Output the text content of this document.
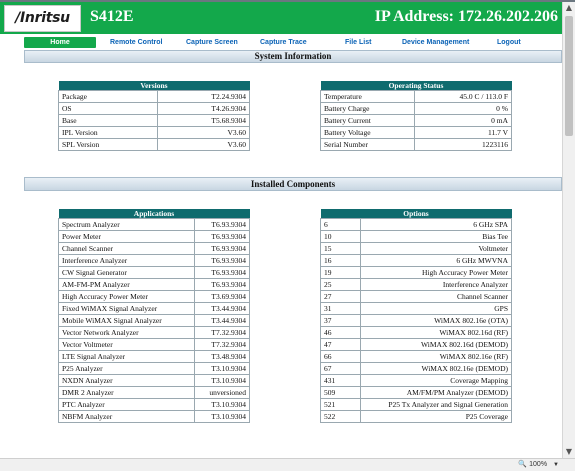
/Inritsu	S412E	IP Address: 172.26.202.206
Home	Remote Control	Capture Screen	Capture Trace	File List	Device Management	Logout
System Information
Versions	
Package	T2.24.9304
OS	T4.26.9304
Base	T5.68.9304
IPL Version	V3.60
SPL Version	V3.60
Operating Status	
Temperature	45.0 C / 113.0 F
Battery Charge	0 %
Battery Current	0 mA
Battery Voltage	11.7 V
Serial Number	1223116
Installed Components
Applications	
Spectrum Analyzer	T6.93.9304
Power Meter	T6.93.9304
Channel Scanner	T6.93.9304
Interference Analyzer	T6.93.9304
CW Signal Generator	T6.93.9304
AM-FM-PM Analyzer	T6.93.9304
High Accuracy Power Meter	T3.69.9304
Fixed WiMAX Signal Analyzer	T3.44.9304
Mobile WiMAX Signal Analyzer	T3.44.9304
Vector Network Analyzer	T7.32.9304
Vector Voltmeter	T7.32.9304
LTE Signal Analyzer	T3.48.9304
P25 Analyzer	T3.10.9304
NXDN Analyzer	T3.10.9304
DMR 2 Analyzer	unversioned
PTC Analyzer	T3.10.9304
NBFM Analyzer	T3.10.9304
Options	
6	6 GHz SPA
10	Bias Tee
15	Voltmeter
16	6 GHz MWVNA
19	High Accuracy Power Meter
25	Interference Analyzer
27	Channel Scanner
31	GPS
37	WiMAX 802.16e (OTA)
46	WiMAX 802.16d (RF)
47	WiMAX 802.16d (DEMOD)
66	WiMAX 802.16e (RF)
67	WiMAX 802.16e (DEMOD)
431	Coverage Mapping
509	AM/FM/PM Analyzer (DEMOD)
521	P25 Tx Analyzer and Signal Generation
522	P25 Coverage
▲
▼
🔍 100% ▼
